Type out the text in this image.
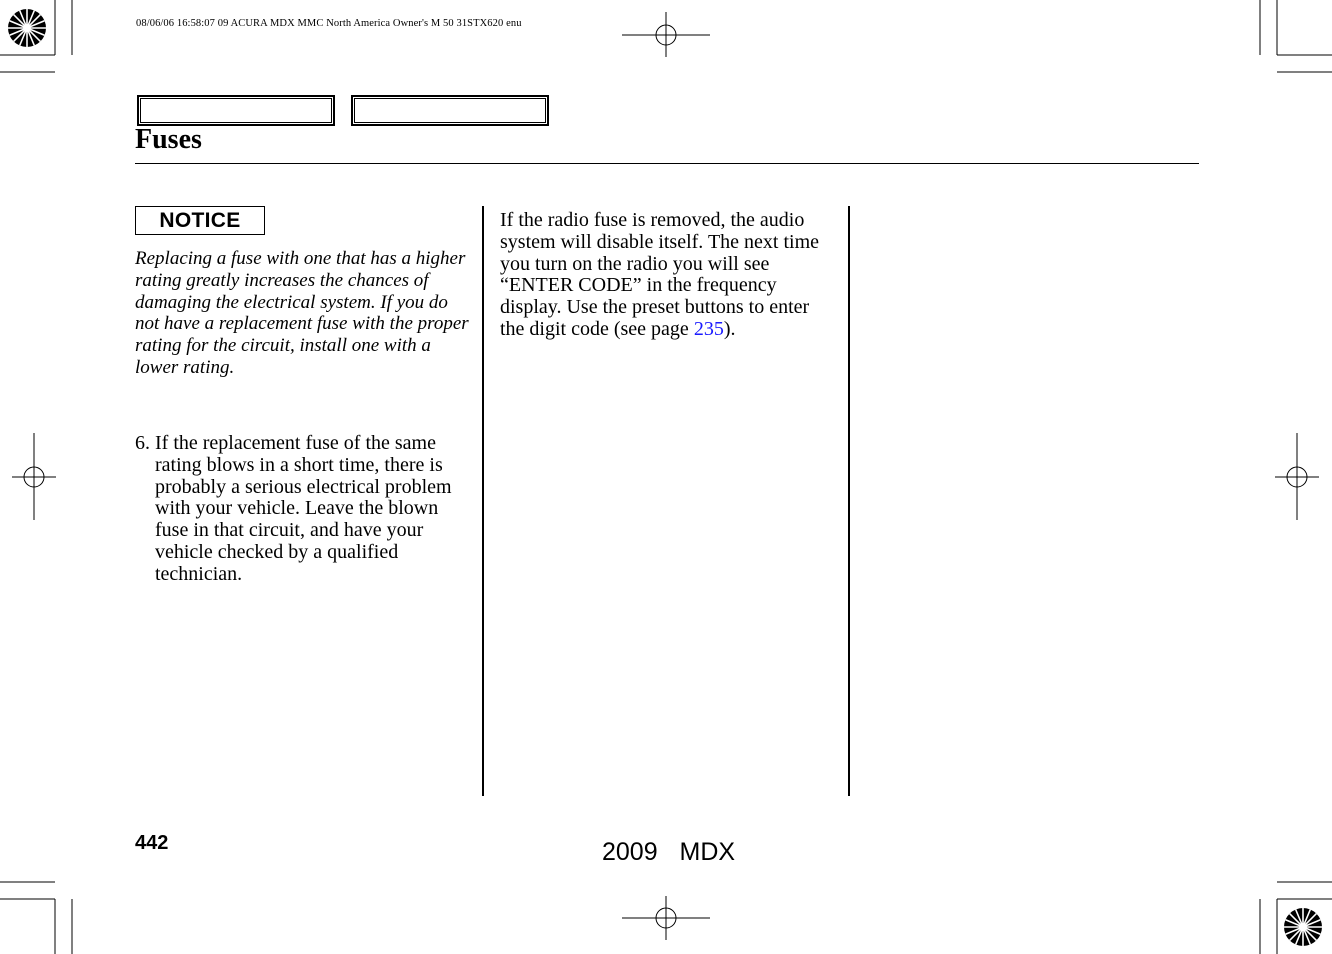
08/06/06 16:58:07 09 ACURA MDX MMC North America Owner's M 50 31STX620 enu
Fuses
NOTICE
Replacing a fuse with one that has a higher rating greatly increases the chances of damaging the electrical system. If you do not have a replacement fuse with the proper rating for the circuit, install one with a lower rating.
6. If the replacement fuse of the same rating blows in a short time, there is probably a serious electrical problem with your vehicle. Leave the blown fuse in that circuit, and have your vehicle checked by a qualified technician.
If the radio fuse is removed, the audio system will disable itself. The next time you turn on the radio you will see “ENTER CODE” in the frequency display. Use the preset buttons to enter the digit code (see page 235).
442	2009  MDX
